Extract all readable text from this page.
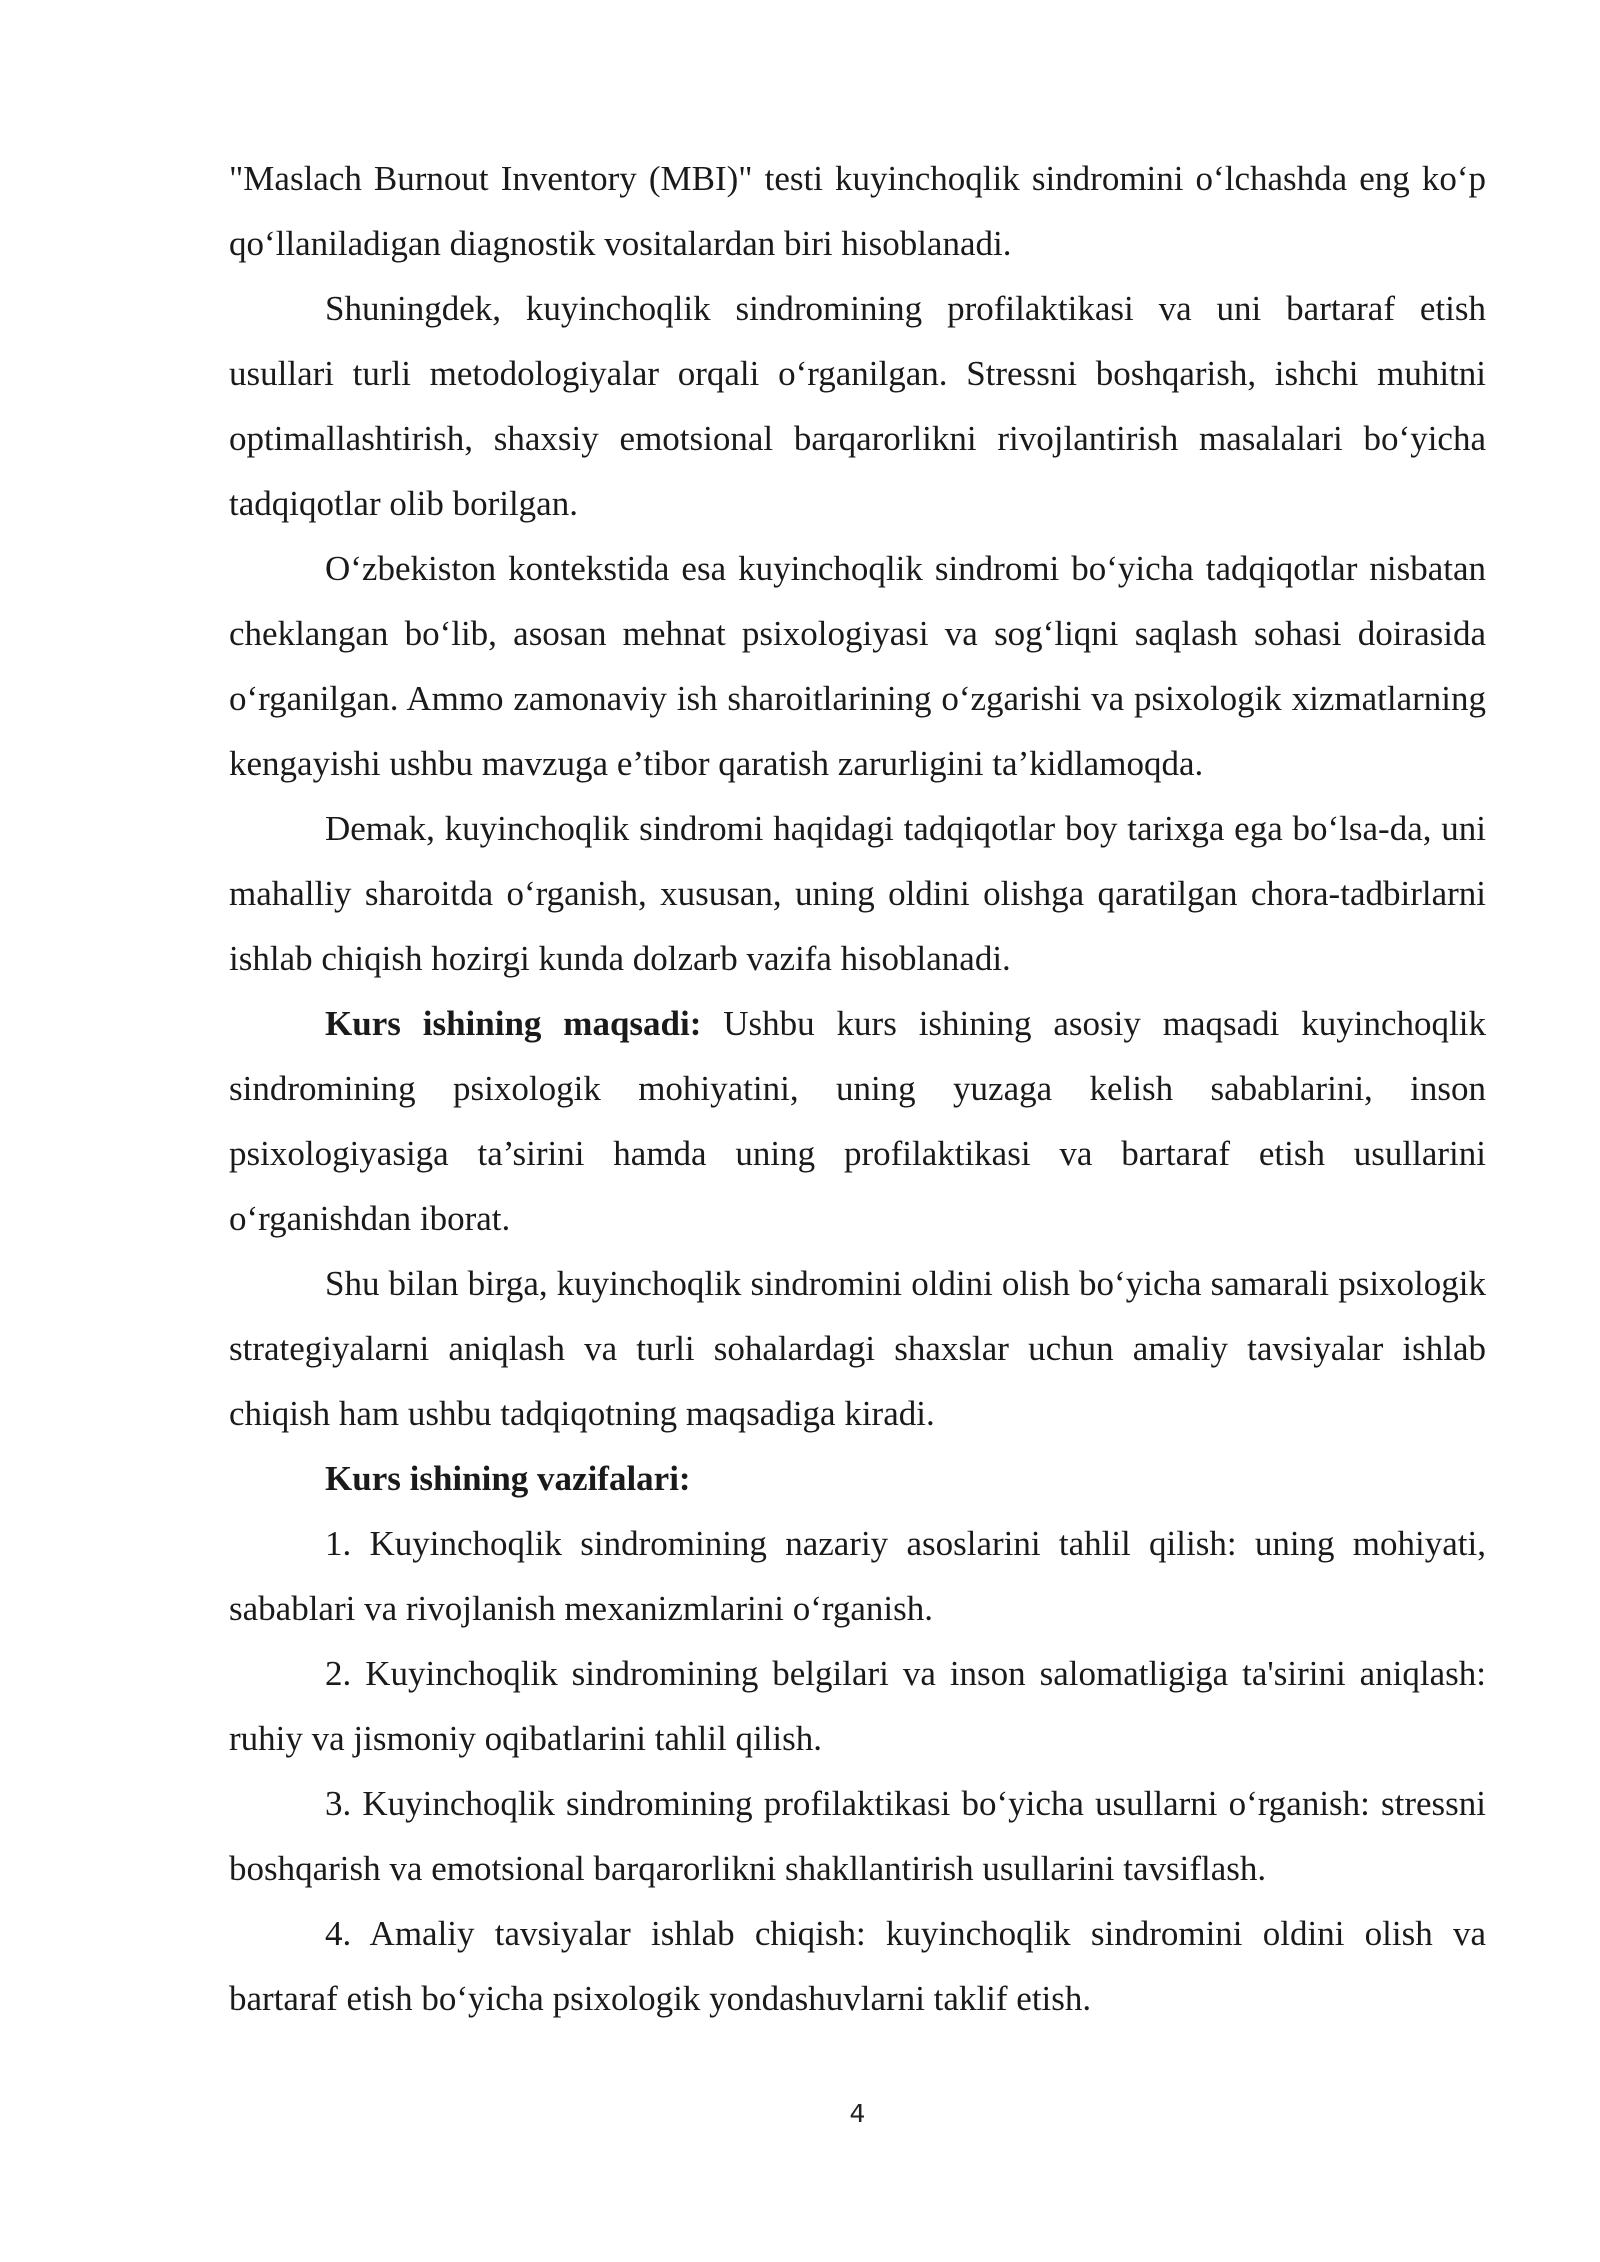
"Maslach Burnout Inventory (MBI)" testi kuyinchoqlik sindromini o‘lchashda eng ko‘p qo‘llaniladigan diagnostik vositalardan biri hisoblanadi.

Shuningdek, kuyinchoqlik sindromining profilaktikasi va uni bartaraf etish usullari turli metodologiyalar orqali o‘rganilgan. Stressni boshqarish, ishchi muhitni optimallashtirish, shaxsiy emotsional barqarorlikni rivojlantirish masalalari bo‘yicha tadqiqotlar olib borilgan.

O‘zbekiston kontekstida esa kuyinchoqlik sindromi bo‘yicha tadqiqotlar nisbatan cheklangan bo‘lib, asosan mehnat psixologiyasi va sog‘liqni saqlash sohasi doirasida o‘rganilgan. Ammo zamonaviy ish sharoitlarining o‘zgarishi va psixologik xizmatlarning kengayishi ushbu mavzuga e’tibor qaratish zarurligini ta’kidlamoqda.

Demak, kuyinchoqlik sindromi haqidagi tadqiqotlar boy tarixga ega bo‘lsa-da, uni mahalliy sharoitda o‘rganish, xususan, uning oldini olishga qaratilgan chora-tadbirlarni ishlab chiqish hozirgi kunda dolzarb vazifa hisoblanadi.

Kurs ishining maqsadi: Ushbu kurs ishining asosiy maqsadi kuyinchoqlik sindromining psixologik mohiyatini, uning yuzaga kelish sabablarini, inson psixologiyasiga ta’sirini hamda uning profilaktikasi va bartaraf etish usullarini o‘rganishdan iborat.

Shu bilan birga, kuyinchoqlik sindromini oldini olish bo‘yicha samarali psixologik strategiyalarni aniqlash va turli sohalardagi shaxslar uchun amaliy tavsiyalar ishlab chiqish ham ushbu tadqiqotning maqsadiga kiradi.

Kurs ishining vazifalari:

1. Kuyinchoqlik sindromining nazariy asoslarini tahlil qilish: uning mohiyati, sabablari va rivojlanish mexanizmlarini o‘rganish.

2. Kuyinchoqlik sindromining belgilari va inson salomatligiga ta'sirini aniqlash: ruhiy va jismoniy oqibatlarini tahlil qilish.

3. Kuyinchoqlik sindromining profilaktikasi bo‘yicha usullarni o‘rganish: stressni boshqarish va emotsional barqarorlikni shakllantirish usullarini tavsiflash.

4. Amaliy tavsiyalar ishlab chiqish: kuyinchoqlik sindromini oldini olish va bartaraf etish bo‘yicha psixologik yondashuvlarni taklif etish.

4
